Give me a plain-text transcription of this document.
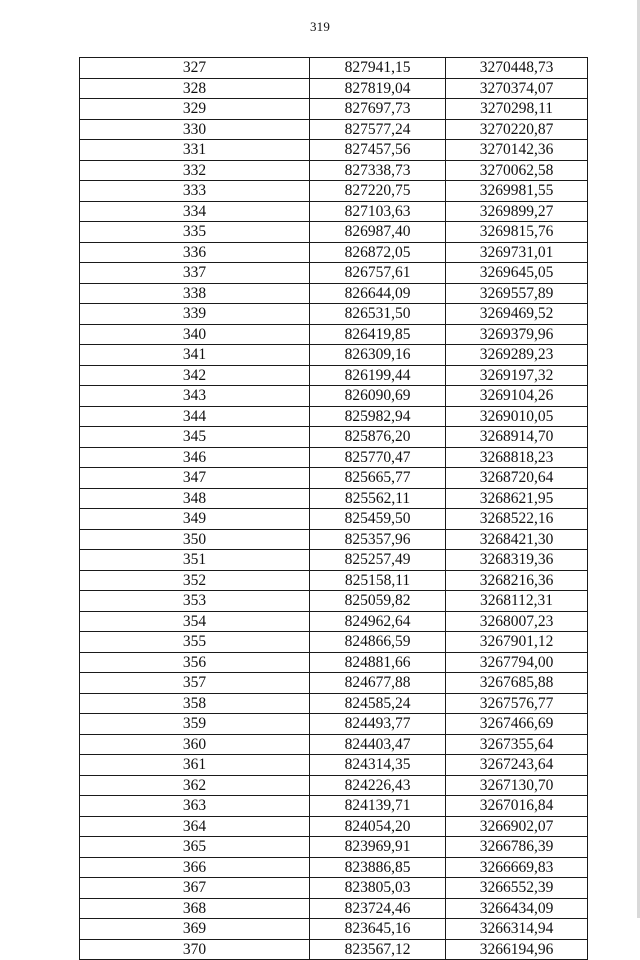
319
327	827941,15	3270448,73
328	827819,04	3270374,07
329	827697,73	3270298,11
330	827577,24	3270220,87
331	827457,56	3270142,36
332	827338,73	3270062,58
333	827220,75	3269981,55
334	827103,63	3269899,27
335	826987,40	3269815,76
336	826872,05	3269731,01
337	826757,61	3269645,05
338	826644,09	3269557,89
339	826531,50	3269469,52
340	826419,85	3269379,96
341	826309,16	3269289,23
342	826199,44	3269197,32
343	826090,69	3269104,26
344	825982,94	3269010,05
345	825876,20	3268914,70
346	825770,47	3268818,23
347	825665,77	3268720,64
348	825562,11	3268621,95
349	825459,50	3268522,16
350	825357,96	3268421,30
351	825257,49	3268319,36
352	825158,11	3268216,36
353	825059,82	3268112,31
354	824962,64	3268007,23
355	824866,59	3267901,12
356	824881,66	3267794,00
357	824677,88	3267685,88
358	824585,24	3267576,77
359	824493,77	3267466,69
360	824403,47	3267355,64
361	824314,35	3267243,64
362	824226,43	3267130,70
363	824139,71	3267016,84
364	824054,20	3266902,07
365	823969,91	3266786,39
366	823886,85	3266669,83
367	823805,03	3266552,39
368	823724,46	3266434,09
369	823645,16	3266314,94
370	823567,12	3266194,96
